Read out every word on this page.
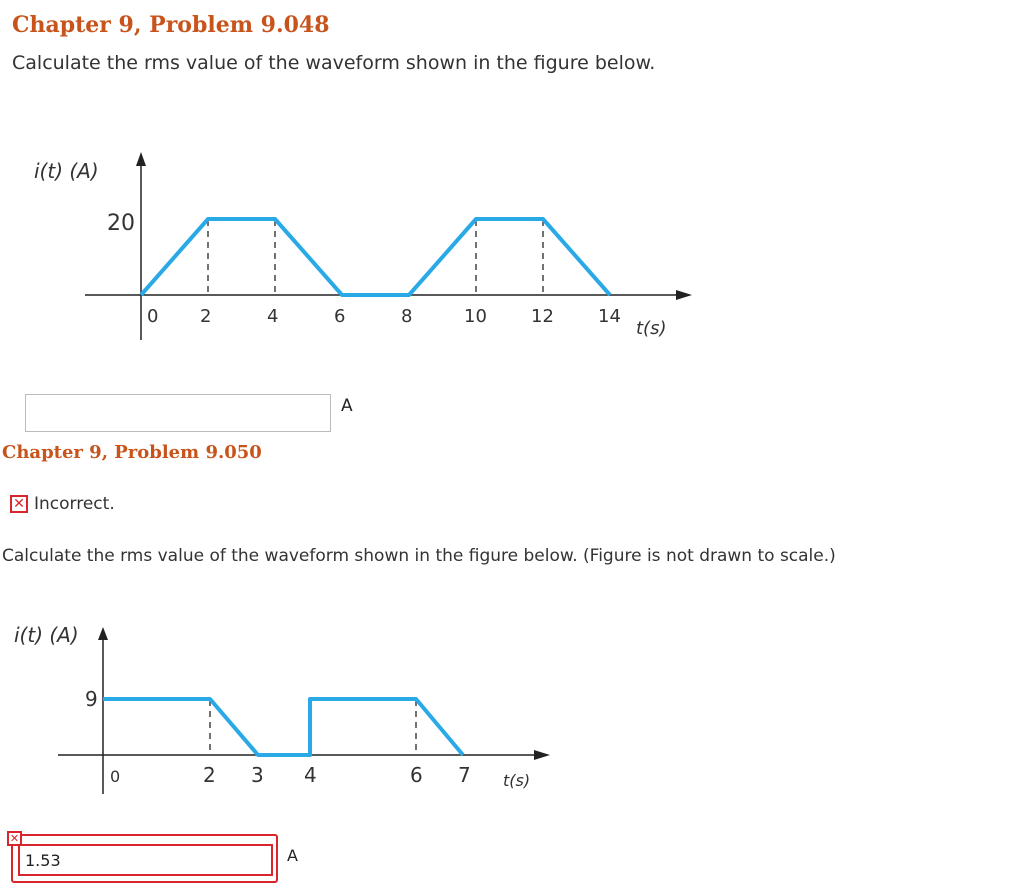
Chapter 9, Problem 9.048
Calculate the rms value of the waveform shown in the figure below.
i(t) (A)
20
0 2	4	6	8	10 12 14
t(s)
i(t) (A)
9
0	2 3 4	6 7 t(s)
A
Chapter 9, Problem 9.050
✕ Incorrect.
Calculate the rms value of the waveform shown in the figure below. (Figure is not drawn to scale.)
1.53
✕
A
